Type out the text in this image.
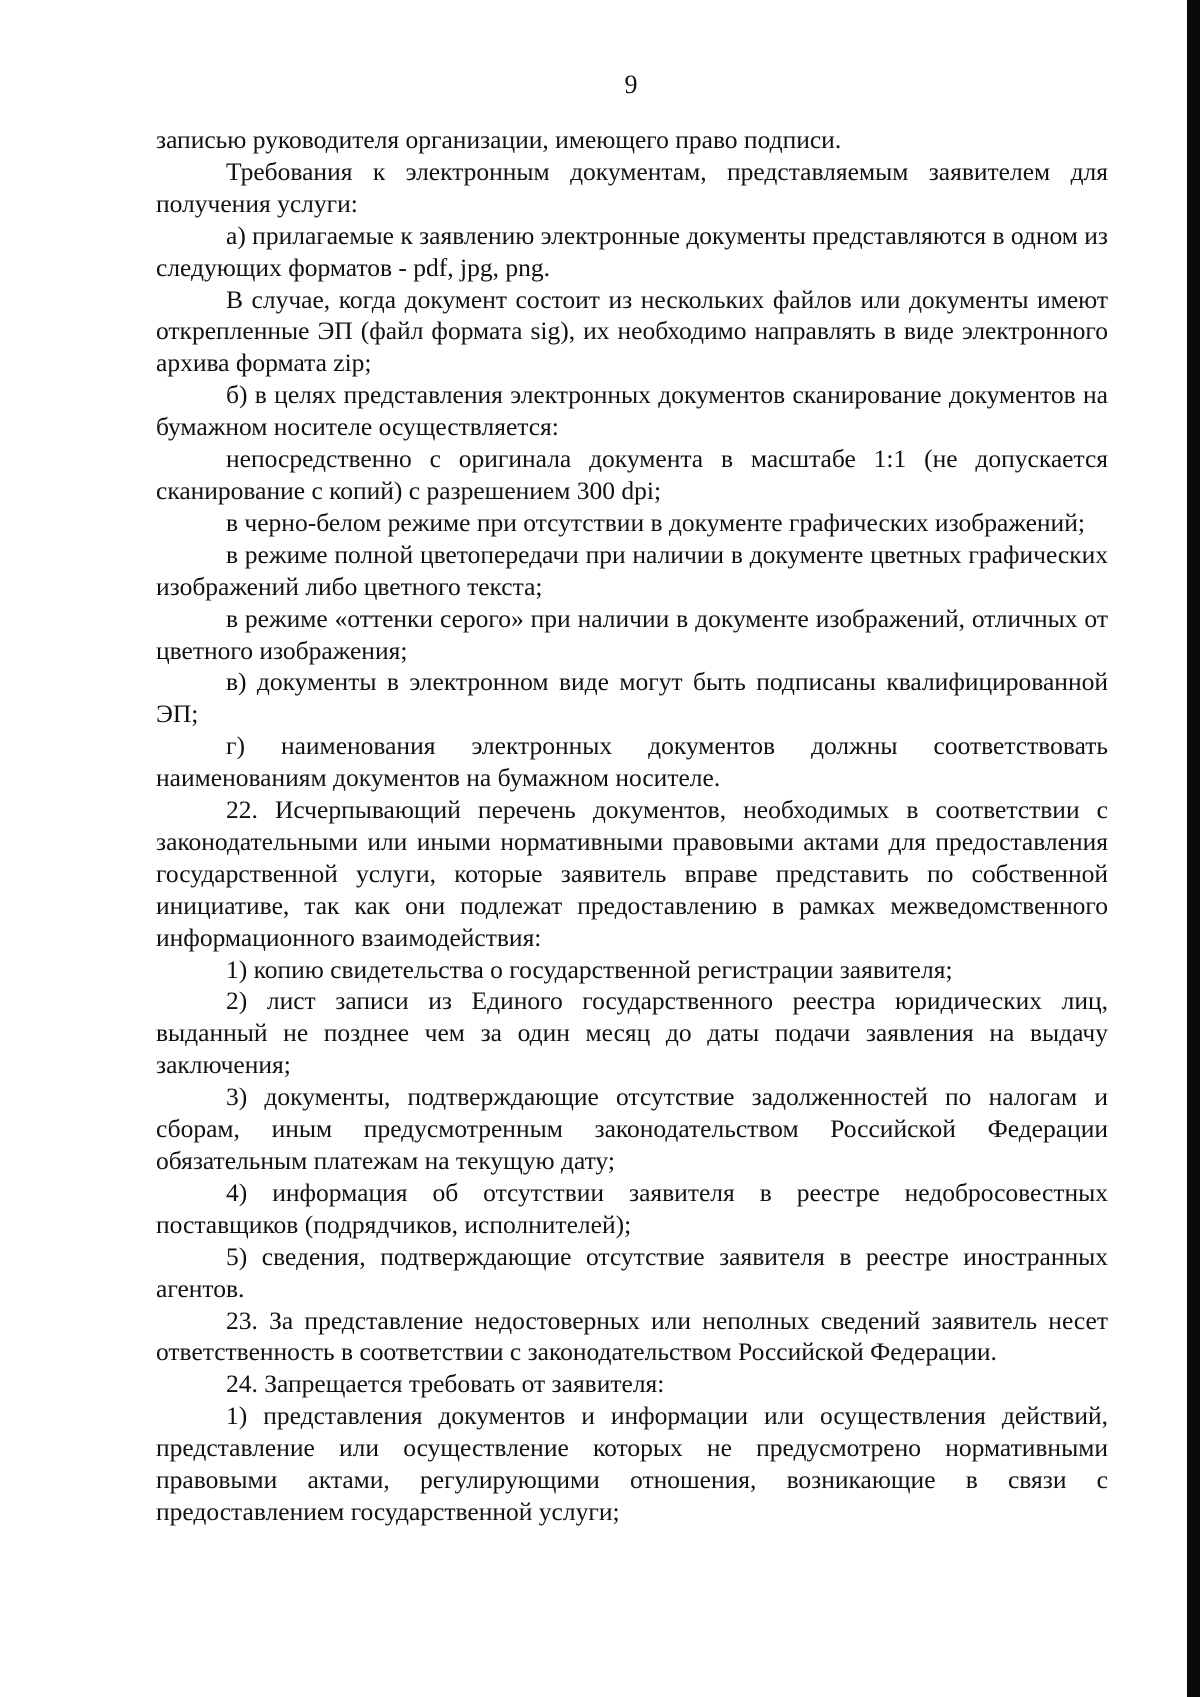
9

записью руководителя организации, имеющего право подписи.

Требования к электронным документам, представляемым заявителем для получения услуги:

а) прилагаемые к заявлению электронные документы представляются в одном из следующих форматов - pdf, jpg, png.

В случае, когда документ состоит из нескольких файлов или документы имеют открепленные ЭП (файл формата sig), их необходимо направлять в виде электронного архива формата zip;

б) в целях представления электронных документов сканирование документов на бумажном носителе осуществляется:

непосредственно с оригинала документа в масштабе 1:1 (не допускается сканирование с копий) с разрешением 300 dpi;

в черно-белом режиме при отсутствии в документе графических изображений;

в режиме полной цветопередачи при наличии в документе цветных графических изображений либо цветного текста;

в режиме «оттенки серого» при наличии в документе изображений, отличных от цветного изображения;

в) документы в электронном виде могут быть подписаны квалифицированной ЭП;

г) наименования электронных документов должны соответствовать наименованиям документов на бумажном носителе.

22. Исчерпывающий перечень документов, необходимых в соответствии с законодательными или иными нормативными правовыми актами для предоставления государственной услуги, которые заявитель вправе представить по собственной инициативе, так как они подлежат предоставлению в рамках межведомственного информационного взаимодействия:

1) копию свидетельства о государственной регистрации заявителя;

2) лист записи из Единого государственного реестра юридических лиц, выданный не позднее чем за один месяц до даты подачи заявления на выдачу заключения;

3) документы, подтверждающие отсутствие задолженностей по налогам и сборам, иным предусмотренным законодательством Российской Федерации обязательным платежам на текущую дату;

4) информация об отсутствии заявителя в реестре недобросовестных поставщиков (подрядчиков, исполнителей);

5) сведения, подтверждающие отсутствие заявителя в реестре иностранных агентов.

23. За представление недостоверных или неполных сведений заявитель несет ответственность в соответствии с законодательством Российской Федерации.

24. Запрещается требовать от заявителя:

1) представления документов и информации или осуществления действий, представление или осуществление которых не предусмотрено нормативными правовыми актами, регулирующими отношения, возникающие в связи с предоставлением государственной услуги;
